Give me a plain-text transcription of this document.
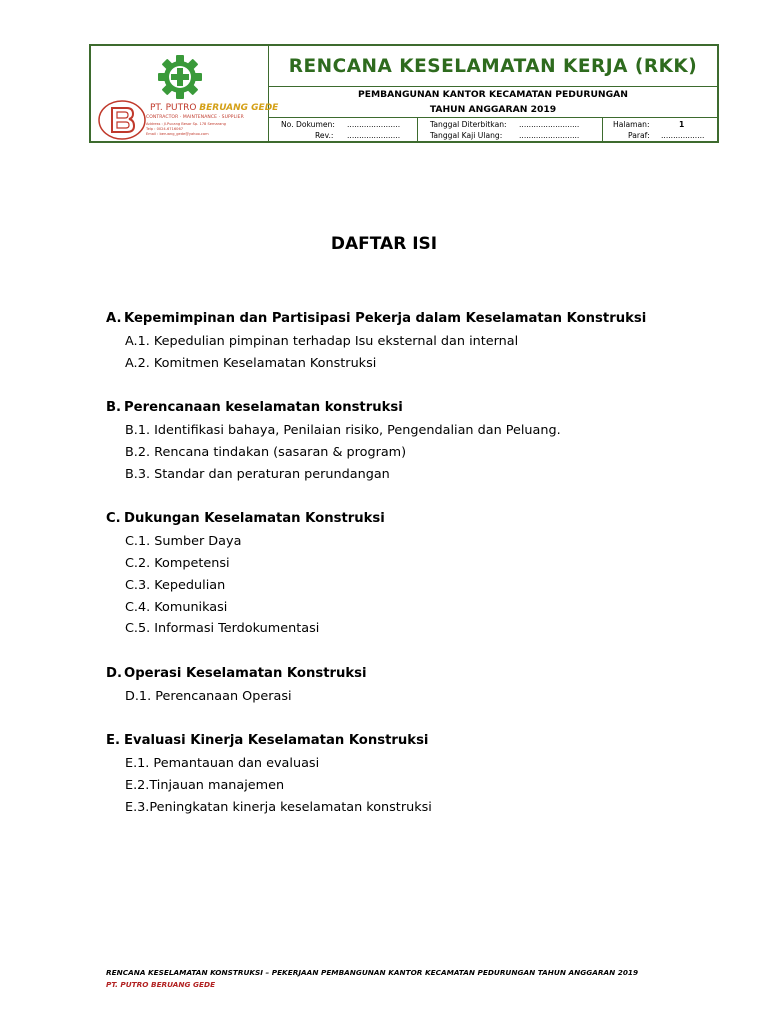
PT. PUTRO BERUANG GEDE
CONTRACTOR · MAINTENANCE · SUPPLIER
Address : Jl.Pucang Besar Sp. 178 Semarang
Telp : 0024-6716067
Email : beruang_gede@yahoo.com
RENCANA KESELAMATAN KERJA (RKK)
PEMBANGUNAN KANTOR KECAMATAN PEDURUNGAN
TAHUN ANGGARAN 2019
No. Dokumen: ......................
Rev.: ......................
Tanggal Diterbitkan: .........................
Tanggal Kaji Ulang: .........................
Halaman:	1
Paraf: ..................
DAFTAR ISI
A. Kepemimpinan dan Partisipasi Pekerja dalam Keselamatan Konstruksi
A.1. Kepedulian pimpinan terhadap Isu eksternal dan internal
A.2. Komitmen Keselamatan Konstruksi
B. Perencanaan keselamatan konstruksi
B.1. Identifikasi bahaya, Penilaian risiko, Pengendalian dan Peluang.
B.2. Rencana tindakan (sasaran & program)
B.3. Standar dan peraturan perundangan
C. Dukungan Keselamatan Konstruksi
C.1. Sumber Daya
C.2. Kompetensi
C.3. Kepedulian
C.4. Komunikasi
C.5. Informasi Terdokumentasi
D. Operasi Keselamatan Konstruksi
D.1. Perencanaan Operasi
E. Evaluasi Kinerja Keselamatan Konstruksi
E.1. Pemantauan dan evaluasi
E.2.Tinjauan manajemen
E.3.Peningkatan kinerja keselamatan konstruksi
RENCANA KESELAMATAN KONSTRUKSI – PEKERJAAN PEMBANGUNAN KANTOR KECAMATAN PEDURUNGAN TAHUN ANGGARAN 2019
PT. PUTRO BERUANG GEDE
